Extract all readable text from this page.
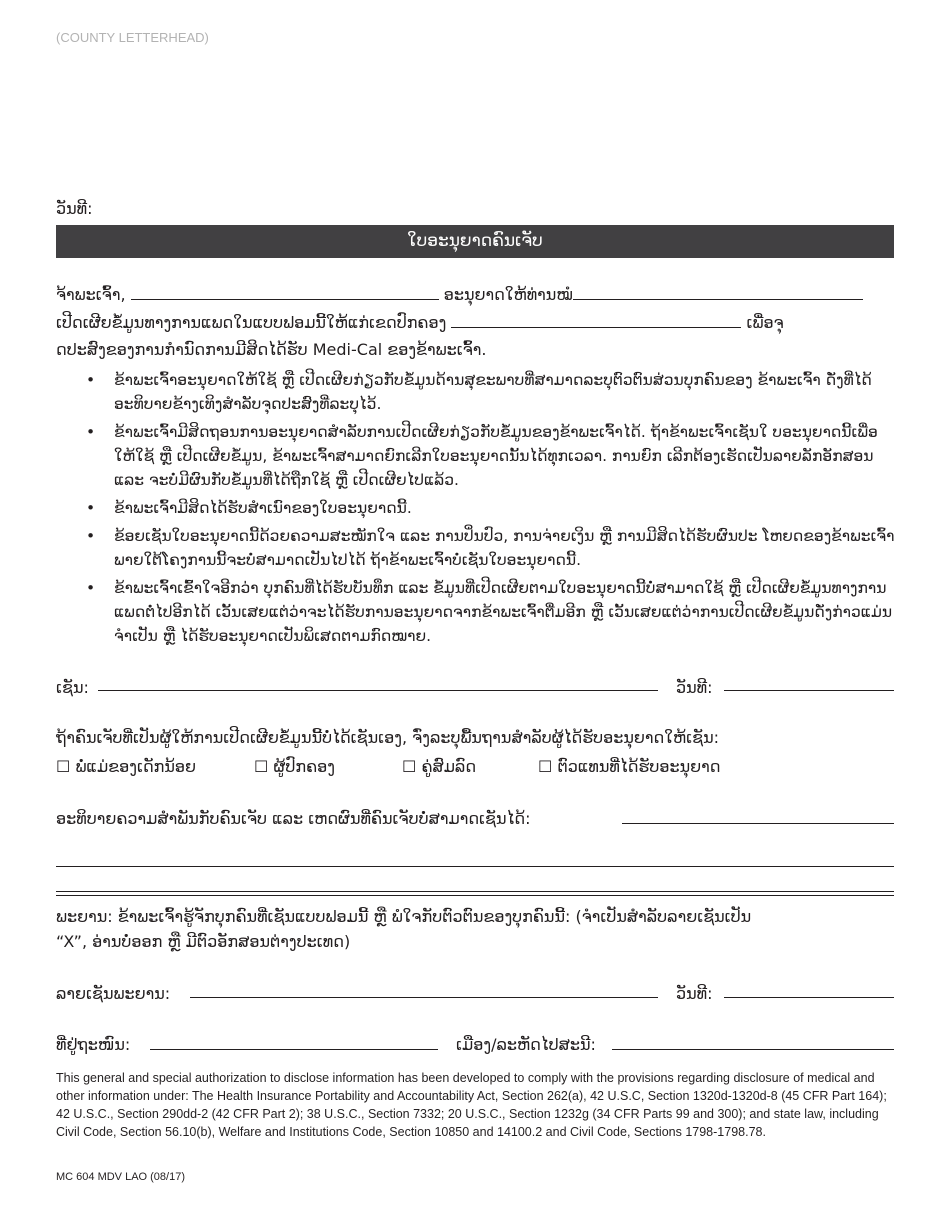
(COUNTY LETTERHEAD)
ວັນທີ:
ໃບອະນຸຍາດຄົນເຈັບ
ຈ້າພະເຈົ້າ,	ອະນຸຍາດໃຫ້ທ່ານໝໍ
ເປີດເຜີຍຂໍ້ມູນທາງການແພດໃນແບບຟອມນີ້ໃຫ້ແກ່ເຂດປົກຄອງ	ເພື່ອຈຸ
ດປະສົງຂອງການກໍານົດການມີສິດໄດ້ຮັບ Medi-Cal ຂອງຂ້າພະເຈົ້າ.
• ຂ້າພະເຈົ້າອະນຸຍາດໃຫ້ໃຊ້ ຫຼື ເປີດເຜີຍກ່ຽວກັບຂໍ້ມູນດ້ານສຸຂະພາບທີ່ສາມາດລະບຸຕົວຕົນສ່ວນບຸກຄົນຂອງ ຂ້າພະເຈົ້າ ດັ່ງທີ່ໄດ້ອະທິບາຍຂ້າງເທິງສໍາລັບຈຸດປະສົງທີ່ລະບຸໄວ້.
• ຂ້າພະເຈົ້າມີສິດຖອນການອະນຸຍາດສໍາລັບການເປີດເຜີຍກ່ຽວກັບຂໍ້ມູນຂອງຂ້າພະເຈົ້າໄດ້. ຖ້າຂ້າພະເຈົ້າເຊັນໃ ບອະນຸຍາດນີ້ເພື່ອໃຫ້ໃຊ້ ຫຼື ເປີດເຜີຍຂໍ້ມູນ, ຂ້າພະເຈົ້າສາມາດຍົກເລີກໃບອະນຸຍາດນັ້ນໄດ້ທຸກເວລາ. ການຍົກ ເລີກຕ້ອງເຮັດເປັນລາຍລັກອັກສອນ ແລະ ຈະບໍ່ມີຜົນກັບຂໍ້ມູນທີ່ໄດ້ຖືກໃຊ້ ຫຼື ເປີດເຜີຍໄປແລ້ວ.
• ຂ້າພະເຈົ້າມີສິດໄດ້ຮັບສໍາເນົາຂອງໃບອະນຸຍາດນີ້.
• ຂ້ອຍເຊັນໃບອະນຸຍາດນີ້ດ້ວຍຄວາມສະໝັກໃຈ ແລະ ການປິ່ນປົວ, ການຈ່າຍເງິນ ຫຼື ການມີສິດໄດ້ຮັບຜົນປະ ໂຫຍດຂອງຂ້າພະເຈົ້າພາຍໃຕ້ໂຄງການນີ້ຈະບໍ່ສາມາດເປັນໄປໄດ້ ຖ້າຂ້າພະເຈົ້າບໍ່ເຊັນໃບອະນຸຍາດນີ້.
• ຂ້າພະເຈົ້າເຂົ້າໃຈອີກວ່າ ບຸກຄົນທີ່ໄດ້ຮັບບັນທຶກ ແລະ ຂໍ້ມູນທີ່ເປີດເຜີຍຕາມໃບອະນຸຍາດນີ້ບໍ່ສາມາດໃຊ້ ຫຼື ເປີດເຜີຍຂໍ້ມູນທາງການແພດຕໍ່ໄປອີກໄດ້ ເວັ້ນເສຍແຕ່ວ່າຈະໄດ້ຮັບການອະນຸຍາດຈາກຂ້າພະເຈົ້າຕື່ມອີກ ຫຼື ເວັ້ນເສຍແຕ່ວ່າການເປີດເຜີຍຂໍ້ມູນດັ່ງກ່າວແມ່ນຈໍາເປັນ ຫຼື ໄດ້ຮັບອະນຸຍາດເປັນພິເສດຕາມກົດໝາຍ.
ເຊັນ:	ວັນທີ:
ຖ້າຄົນເຈັບທີ່ເປັນຜູ້ໃຫ້ການເປີດເຜີຍຂໍ້ມູນນີ້ບໍ່ໄດ້ເຊັນເອງ, ຈົ່ງລະບຸພື້ນຖານສໍາລັບຜູ້ໄດ້ຮັບອະນຸຍາດໃຫ້ເຊັນ:
☐ ພໍ່ແມ່ຂອງເດັກນ້ອຍ	☐ ຜູ້ປົກຄອງ	☐ ຄູ່ສົມລົດ	☐ ຕົວແທນທີ່ໄດ້ຮັບອະນຸຍາດ
ອະທິບາຍຄວາມສໍາພັນກັບຄົນເຈັບ ແລະ ເຫດຜົນທີ່ຄົນເຈັບບໍ່ສາມາດເຊັນໄດ້:
ພະຍານ: ຂ້າພະເຈົ້າຮູ້ຈັກບຸກຄົນທີ່ເຊັນແບບຟອມນີ້ ຫຼື ພໍໃຈກັບຕົວຕົນຂອງບຸກຄົນນີ້: (ຈໍາເປັນສໍາລັບລາຍເຊັນເປັນ
“X”, ອ່ານບໍ່ອອກ ຫຼື ມີຕົວອັກສອນຕ່າງປະເທດ)
ລາຍເຊັນພະຍານ:	ວັນທີ:
ທີ່ຢູ່ຖະໜົນ:	ເມືອງ/ລະຫັດໄປສະນີ:
This general and special authorization to disclose information has been developed to comply with the provisions regarding disclosure of medical and other information under: The Health Insurance Portability and Accountability Act, Section 262(a), 42 U.S.C, Section 1320d-1320d-8 (45 CFR Part 164); 42 U.S.C., Section 290dd-2 (42 CFR Part 2); 38 U.S.C., Section 7332; 20 U.S.C., Section 1232g (34 CFR Parts 99 and 300); and state law, including Civil Code, Section 56.10(b), Welfare and Institutions Code, Section 10850 and 14100.2 and Civil Code, Sections 1798-1798.78.
MC 604 MDV LAO (08/17)
